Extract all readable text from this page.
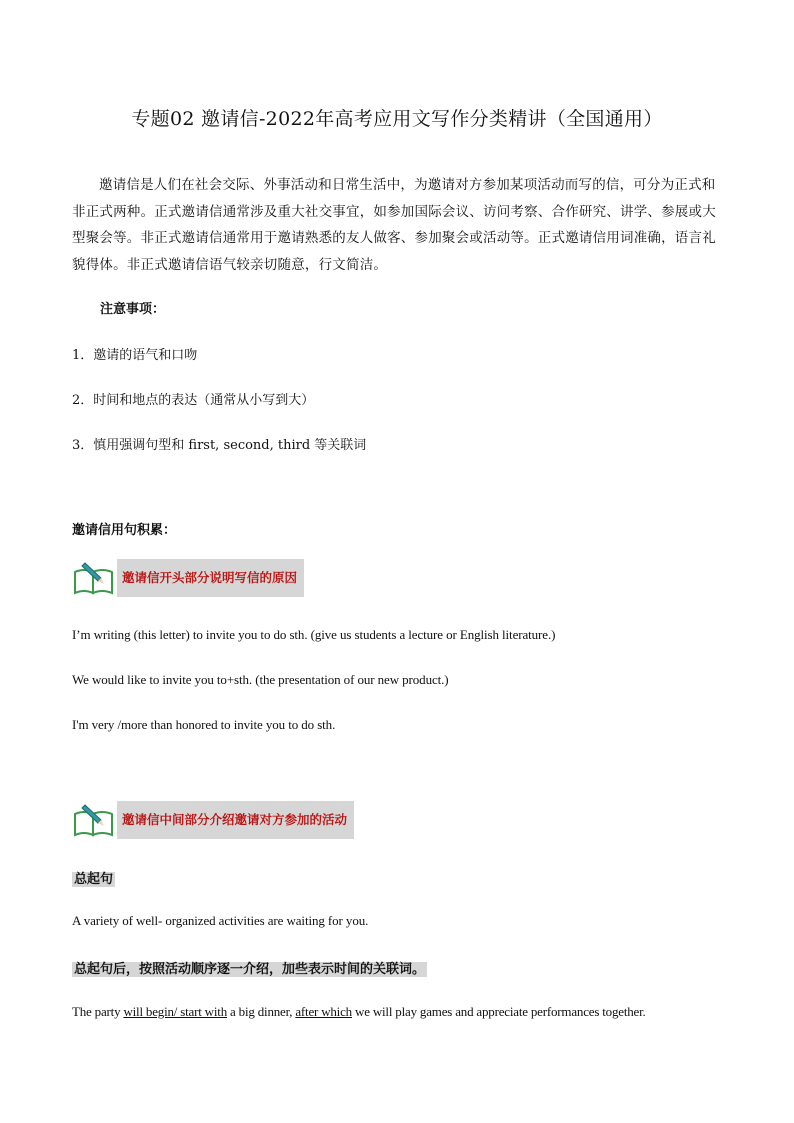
专题02 邀请信-2022年高考应用文写作分类精讲（全国通用）
邀请信是人们在社会交际、外事活动和日常生活中，为邀请对方参加某项活动而写的信，可分为正式和非正式两种。正式邀请信通常涉及重大社交事宜，如参加国际会议、访问考察、合作研究、讲学、参展或大型聚会等。非正式邀请信通常用于邀请熟悉的友人做客、参加聚会或活动等。正式邀请信用词准确，语言礼貌得体。非正式邀请信语气较亲切随意，行文简洁。
注意事项：
1．邀请的语气和口吻
2．时间和地点的表达（通常从小写到大）
3．慎用强调句型和 first, second, third 等关联词
邀请信用句积累：
邀请信开头部分说明写信的原因
I’m writing (this letter) to invite you to do sth. (give us students a lecture or English literature.)
We would like to invite you to+sth. (the presentation of our new product.)
I'm very /more than honored to invite you to do sth.
邀请信中间部分介绍邀请对方参加的活动
总起句
A variety of well- organized activities are waiting for you.
总起句后，按照活动顺序逐一介绍，加些表示时间的关联词。
The party will begin/ start with a big dinner, after which we will play games and appreciate performances together.
